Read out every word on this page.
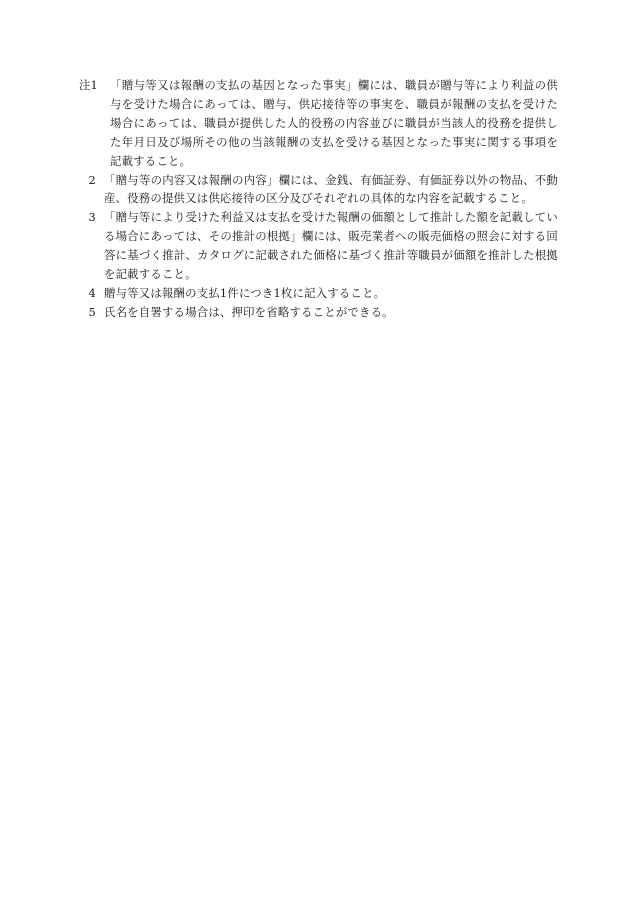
注1 「贈与等又は報酬の支払の基因となった事実」欄には、職員が贈与等により利益の供与を受けた場合にあっては、贈与、供応接待等の事実を、職員が報酬の支払を受けた場合にあっては、職員が提供した人的役務の内容並びに職員が当該人的役務を提供した年月日及び場所その他の当該報酬の支払を受ける基因となった事実に関する事項を記載すること。
2 「贈与等の内容又は報酬の内容」欄には、金銭、有価証券、有価証券以外の物品、不動産、役務の提供又は供応接待の区分及びそれぞれの具体的な内容を記載すること。
3 「贈与等により受けた利益又は支払を受けた報酬の価額として推計した額を記載している場合にあっては、その推計の根拠」欄には、販売業者への販売価格の照会に対する回答に基づく推計、カタログに記載された価格に基づく推計等職員が価額を推計した根拠を記載すること。
4 贈与等又は報酬の支払1件につき1枚に記入すること。
5 氏名を自署する場合は、押印を省略することができる。
